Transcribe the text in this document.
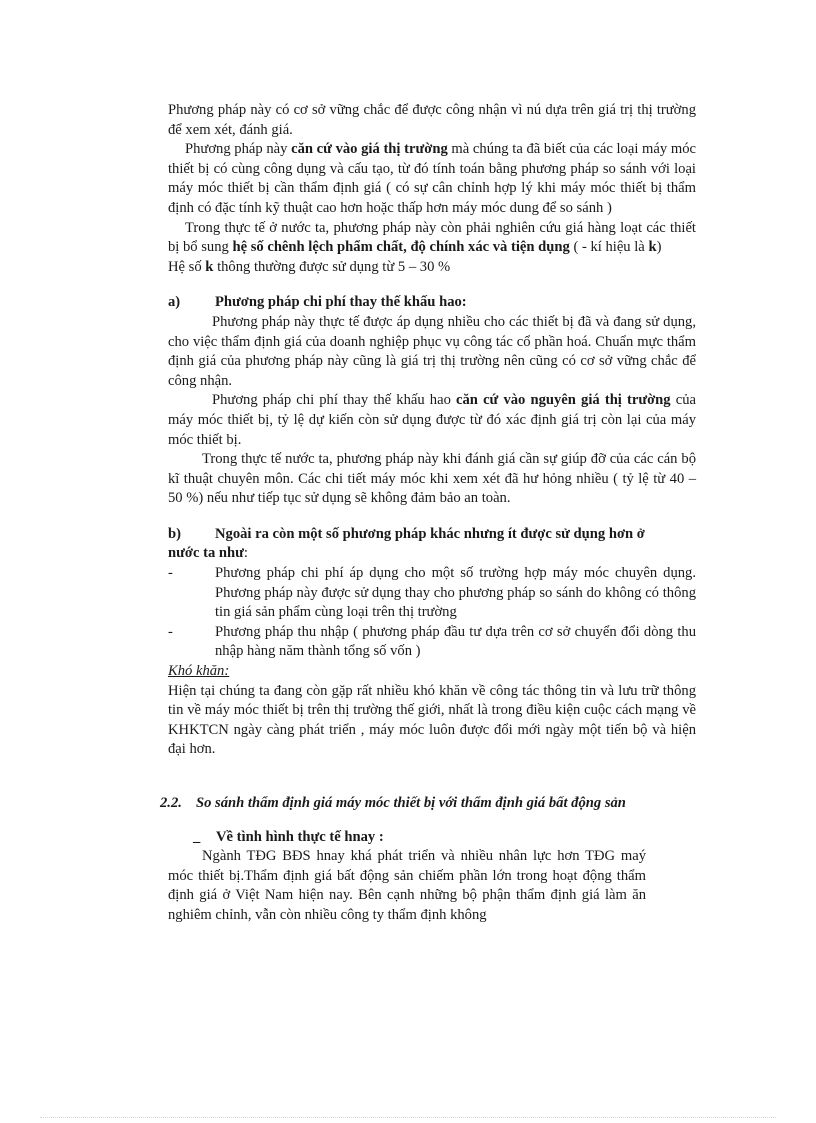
Phương pháp này có cơ sở vững chắc để được công nhận vì nú dựa trên giá trị thị trường để xem xét, đánh giá.

Phương pháp này căn cứ vào giá thị trường mà chúng ta đã biết của các loại máy móc thiết bị có cùng công dụng và cấu tạo, từ đó tính toán bằng phương pháp so sánh với loại máy móc thiết bị cần thẩm định giá ( có sự cân chỉnh hợp lý khi máy móc thiết bị thẩm định có đặc tính kỹ thuật cao hơn hoặc thấp hơn máy móc dung để so sánh )

Trong thực tế ở nước ta, phương pháp này còn phải nghiên cứu giá hàng loạt các thiết bị bổ sung hệ số chênh lệch phẩm chất, độ chính xác và tiện dụng ( - kí hiệu là k)

Hệ số k thông thường được sử dụng từ 5 – 30 %

a)	Phương pháp chi phí thay thế khấu hao:

Phương pháp này thực tế được áp dụng nhiều cho các thiết bị đã và đang sử dụng, cho việc thẩm định giá của doanh nghiệp phục vụ công tác cổ phần hoá. Chuẩn mực thẩm định giá của phương pháp này cũng là giá trị thị trường nên cũng có cơ sở vững chắc để công nhận.

Phương pháp chi phí thay thế khấu hao căn cứ vào nguyên giá thị trường của máy móc thiết bị, tỷ lệ dự kiến còn sử dụng được từ đó xác định giá trị còn lại của máy móc thiết bị.

Trong thực tế nước ta, phương pháp này khi đánh giá cần sự giúp đỡ của các cán bộ kĩ thuật chuyên môn. Các chi tiết máy móc khi xem xét đã hư hỏng nhiều ( tỷ lệ từ 40 – 50 %) nếu như tiếp tục sử dụng sẽ không đảm bảo an toàn.

b)	Ngoài ra còn một số phương pháp khác nhưng ít được sử dụng hơn ở

nước ta như:

-	Phương pháp chi phí áp dụng cho một số trường hợp máy móc chuyên dụng. Phương pháp này được sử dụng thay cho phương pháp so sánh do không có thông tin giá sản phẩm cùng loại trên thị trường
-	Phương pháp thu nhập ( phương pháp đầu tư dựa trên cơ sở chuyển đổi dòng thu nhập hàng năm thành tổng số vốn )

Khó khăn:

Hiện tại chúng ta đang còn gặp rất nhiều khó khăn về công tác thông tin và lưu trữ thông tin về máy móc thiết bị trên thị trường thế giới, nhất là trong điều kiện cuộc cách mạng về KHKTCN ngày càng phát triển , máy móc luôn được đổi mới ngày một tiến bộ và hiện đại hơn.

2.2. So sánh thẩm định giá máy móc thiết bị với thẩm định giá bất động sản
_	Về tình hình thực tế hnay :

Ngành TĐG BĐS hnay khá phát triển và nhiều nhân lực hơn TĐG maý móc thiết bị.Thẩm định giá bất động sản chiếm phần lớn trong hoạt động thẩm định giá ở Việt Nam hiện nay. Bên cạnh những bộ phận thẩm định giá làm ăn nghiêm chỉnh, vẫn còn nhiều công ty thẩm định không
